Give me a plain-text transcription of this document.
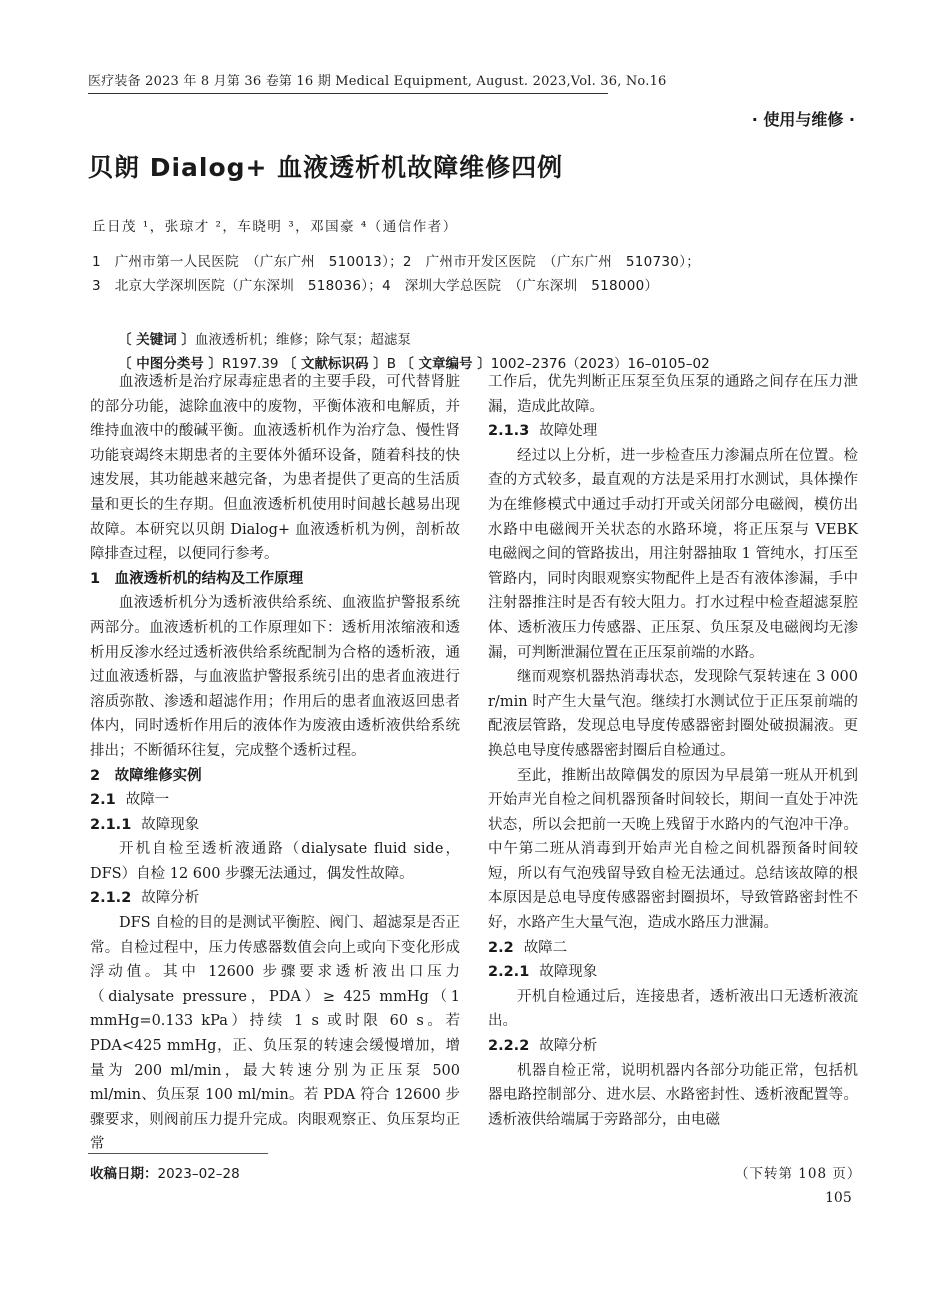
医疗装备 2023 年 8 月第 36 卷第 16 期 Medical Equipment, August. 2023,Vol. 36, No.16
· 使用与维修 ·
贝朗 Dialog+ 血液透析机故障维修四例
丘日茂 ¹，张琼才 ²，车晓明 ³，邓国豪 ⁴（通信作者）
1　广州市第一人民医院　（广东广州　510013）；2　广州市开发区医院　（广东广州　510730）；
3　北京大学深圳医院（广东深圳　518036）；4　深圳大学总医院　（广东深圳　518000）
〔 关键词 〕血液透析机；维修；除气泵；超滤泵
〔 中图分类号 〕R197.39 〔 文献标识码 〕B 〔 文章编号 〕1002–2376（2023）16–0105–02

血液透析是治疗尿毒症患者的主要手段，可代替肾脏的部分功能，滤除血液中的废物，平衡体液和电解质，并维持血液中的酸碱平衡。血液透析机作为治疗急、慢性肾功能衰竭终末期患者的主要体外循环设备，随着科技的快速发展，其功能越来越完备，为患者提供了更高的生活质量和更长的生存期。但血液透析机使用时间越长越易出现故障。本研究以贝朗 Dialog+ 血液透析机为例，剖析故障排查过程，以便同行参考。

1　血液透析机的结构及工作原理

血液透析机分为透析液供给系统、血液监护警报系统两部分。血液透析机的工作原理如下：透析用浓缩液和透析用反渗水经过透析液供给系统配制为合格的透析液，通过血液透析器，与血液监护警报系统引出的患者血液进行溶质弥散、渗透和超滤作用；作用后的患者血液返回患者体内，同时透析作用后的液体作为废液由透析液供给系统排出；不断循环往复，完成整个透析过程。

2　故障维修实例
2.1 故障一
2.1.1 故障现象

开机自检至透析液通路（dialysate fluid side，DFS）自检 12 600 步骤无法通过，偶发性故障。

2.1.2 故障分析

DFS 自检的目的是测试平衡腔、阀门、超滤泵是否正常。自检过程中，压力传感器数值会向上或向下变化形成浮动值。其中 12600 步骤要求透析液出口压力（dialysate pressure，PDA）≥ 425 mmHg（1 mmHg=0.133 kPa）持续 1 s 或时限 60 s。若 PDA<425 mmHg，正、负压泵的转速会缓慢增加，增量为 200 ml/min，最大转速分别为正压泵 500 ml/min、负压泵 100 ml/min。若 PDA 符合 12600 步骤要求，则阀前压力提升完成。肉眼观察正、负压泵均正常

工作后，优先判断正压泵至负压泵的通路之间存在压力泄漏，造成此故障。

2.1.3 故障处理

经过以上分析，进一步检查压力渗漏点所在位置。检查的方式较多，最直观的方法是采用打水测试，具体操作为在维修模式中通过手动打开或关闭部分电磁阀，模仿出水路中电磁阀开关状态的水路环境，将正压泵与 VEBK 电磁阀之间的管路拔出，用注射器抽取 1 管纯水，打压至管路内，同时肉眼观察实物配件上是否有液体渗漏，手中注射器推注时是否有较大阻力。打水过程中检查超滤泵腔体、透析液压力传感器、正压泵、负压泵及电磁阀均无渗漏，可判断泄漏位置在正压泵前端的水路。

继而观察机器热消毒状态，发现除气泵转速在 3 000 r/min 时产生大量气泡。继续打水测试位于正压泵前端的配液层管路，发现总电导度传感器密封圈处破损漏液。更换总电导度传感器密封圈后自检通过。

至此，推断出故障偶发的原因为早晨第一班从开机到开始声光自检之间机器预备时间较长，期间一直处于冲洗状态，所以会把前一天晚上残留于水路内的气泡冲干净。中午第二班从消毒到开始声光自检之间机器预备时间较短，所以有气泡残留导致自检无法通过。总结该故障的根本原因是总电导度传感器密封圈损坏，导致管路密封性不好，水路产生大量气泡，造成水路压力泄漏。

2.2 故障二
2.2.1 故障现象

开机自检通过后，连接患者，透析液出口无透析液流出。

2.2.2 故障分析

机器自检正常，说明机器内各部分功能正常，包括机器电路控制部分、进水层、水路密封性、透析液配置等。透析液供给端属于旁路部分，由电磁

收稿日期：2023–02–28	（下转第 108 页）
105
